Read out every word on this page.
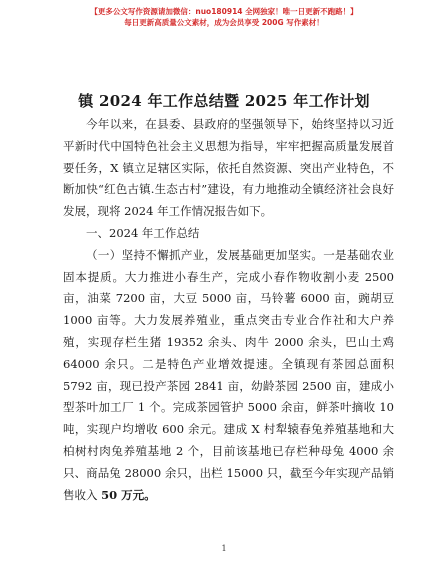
【更多公文写作资源请加微信：nuo180914 全网独家！唯一日更新不跑路！】
每日更新高质量公文素材，成为会员享受 200G 写作素材！
镇 2024 年工作总结暨 2025 年工作计划

今年以来，在县委、县政府的坚强领导下，始终坚持以习近平新时代中国特色社会主义思想为指导，牢牢把握高质量发展首要任务，X 镇立足辖区实际，依托自然资源、突出产业特色，不断加快“红色古镇.生态古村”建设，有力地推动全镇经济社会良好发展，现将 2024 年工作情况报告如下。

一、2024 年工作总结

（一）坚持不懈抓产业，发展基础更加坚实。一是基础农业固本提质。大力推进小春生产，完成小春作物收割小麦 2500 亩，油菜 7200 亩，大豆 5000 亩，马铃薯 6000 亩，豌胡豆 1000 亩等。大力发展养殖业，重点突击专业合作社和大户养殖，实现存栏生猪 19352 余头、肉牛 2000 余头，巴山土鸡 64000 余只。二是特色产业增效提速。全镇现有茶园总面积 5792 亩，现已投产茶园 2841 亩，幼龄茶园 2500 亩，建成小型茶叶加工厂 1 个。完成茶园管护 5000 余亩，鲜茶叶摘收 10 吨，实现户均增收 600 余元。建成 X 村犁辕春兔养殖基地和大柏树村肉兔养殖基地 2 个，目前该基地已存栏种母兔 4000 余只、商品兔 28000 余只，出栏 15000 只，截至今年实现产品销售收入 50 万元。

1
